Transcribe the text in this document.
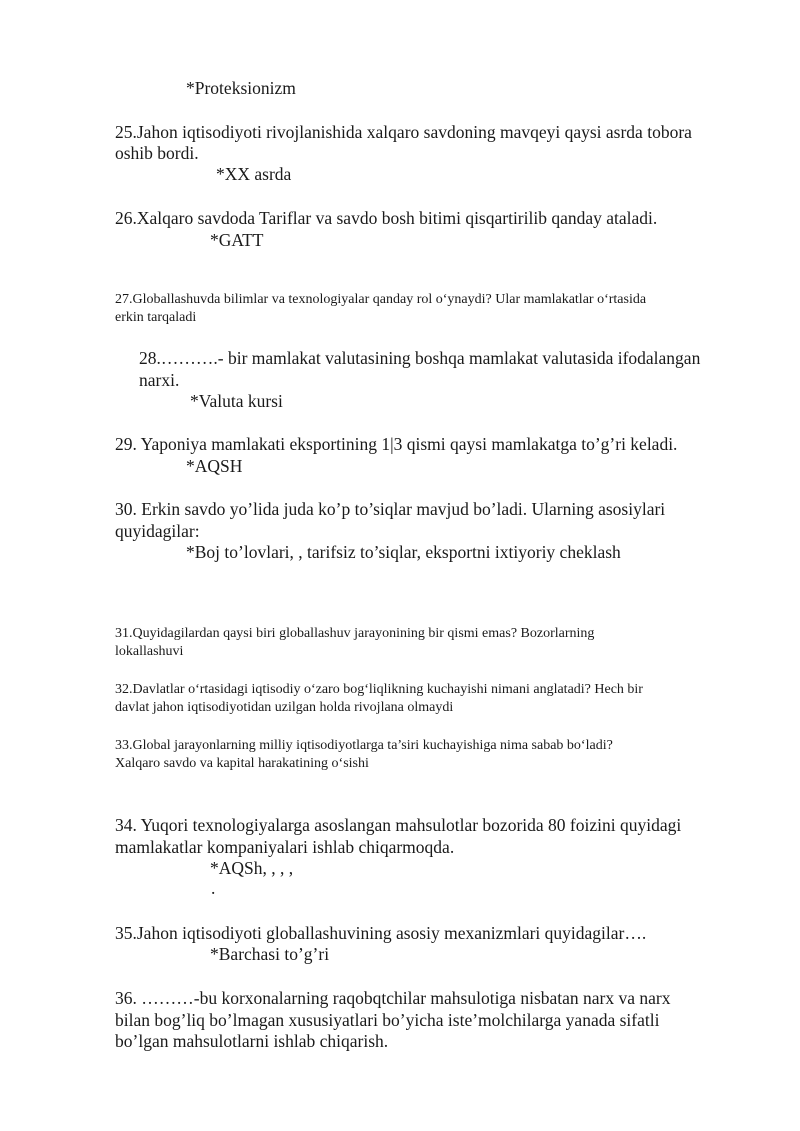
*Proteksionizm
25.Jahon iqtisodiyoti rivojlanishida xalqaro savdoning mavqeyi qaysi asrda tobora
oshib bordi.
*XX asrda
26.Xalqaro savdoda Tariflar va savdo bosh bitimi qisqartirilib qanday ataladi.
*GATT
27.Globallashuvda bilimlar va texnologiyalar qanday rol o‘ynaydi? Ular mamlakatlar o‘rtasida
erkin tarqaladi
28.……….- bir mamlakat valutasining boshqa mamlakat valutasida ifodalangan
narxi.
*Valuta kursi
29. Yaponiya mamlakati eksportining 1|3 qismi qaysi mamlakatga to’g’ri keladi.
*AQSH
30. Erkin savdo yo’lida juda ko’p to’siqlar mavjud bo’ladi. Ularning asosiylari
quyidagilar:
*Boj to’lovlari, , tarifsiz to’siqlar, eksportni ixtiyoriy cheklash
31.Quyidagilardan qaysi biri globallashuv jarayonining bir qismi emas? Bozorlarning
lokallashuvi
32.Davlatlar o‘rtasidagi iqtisodiy o‘zaro bog‘liqlikning kuchayishi nimani anglatadi? Hech bir
davlat jahon iqtisodiyotidan uzilgan holda rivojlana olmaydi
33.Global jarayonlarning milliy iqtisodiyotlarga ta’siri kuchayishiga nima sabab bo‘ladi?
Xalqaro savdo va kapital harakatining o‘sishi
34. Yuqori texnologiyalarga asoslangan mahsulotlar bozorida 80 foizini quyidagi
mamlakatlar kompaniyalari ishlab chiqarmoqda.
*AQSh, , , ,
.
35.Jahon iqtisodiyoti globallashuvining asosiy mexanizmlari quyidagilar….
*Barchasi to’g’ri
36. ………-bu korxonalarning raqobqtchilar mahsulotiga nisbatan narx va narx
bilan bog’liq bo’lmagan xususiyatlari bo’yicha iste’molchilarga yanada sifatli
bo’lgan mahsulotlarni ishlab chiqarish.
